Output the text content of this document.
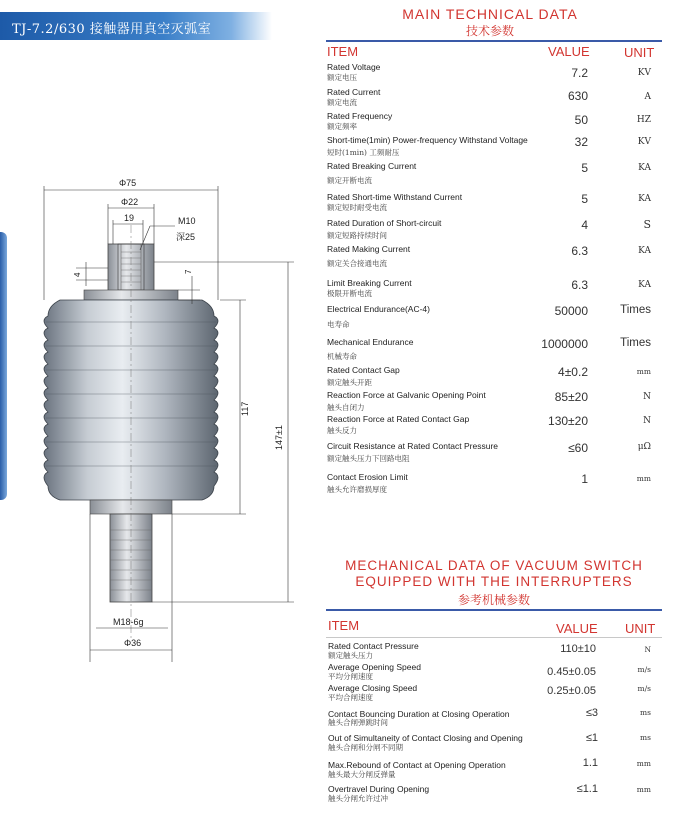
TJ-7.2/630 接触器用真空灭弧室
Φ75
Φ22
19	M10
深25
4
7
117
147±1
M18-6g
Φ36
MAIN TECHNICAL DATA
技术参数
ITEM	VALUE	UNIT
Rated Voltage
额定电压	7.2	KV
Rated Current
额定电流	630	A
Rated Frequency
额定频率	50	HZ
Short-time(1min) Power-frequency Withstand Voltage
短时(1min) 工频耐压
32	KV
Rated Breaking Current
额定开断电流
5	KA
Rated Short-time Withstand Current
额定短时耐受电流
5	KA
Rated Duration of Short-circuit
额定短路持续时间
4	S
Rated Making Current
额定关合接通电流
6.3	KA
Limit Breaking Current
极限开断电流
6.3	KA
Electrical Endurance(AC-4)
电寿命
50000	Times
Mechanical Endurance
机械寿命
1000000	Times
Rated Contact Gap
额定触头开距
4±0.2	mm
Reaction Force at Galvanic Opening Point
触头自闭力
85±20	N
Reaction Force at Rated Contact Gap
触头反力
130±20	N
Circuit Resistance at Rated Contact Pressure
额定触头压力下回路电阻
≤60	μΩ
Contact Erosion Limit
触头允许磨损厚度
1	mm
MECHANICAL DATA OF VACUUM SWITCH
EQUIPPED WITH THE INTERRUPTERS
参考机械参数
ITEM	VALUE UNIT
Rated Contact Pressure
额定触头压力
110±10	N
Average Opening Speed
平均分闸速度	0.45±0.05	m/s
Average Closing Speed
平均合闸速度
0.25±0.05	m/s
Contact Bouncing Duration at Closing Operation
触头合闸弹跳时间
≤3	ms
Out of Simultaneity of Contact Closing and Opening
触头合闸和分闸不同期
≤1	ms
Max.Rebound of Contact at Opening Operation
触头最大分闸反弹量
1.1	mm
Overtravel During Opening
触头分闸允许过冲
≤1.1	mm
